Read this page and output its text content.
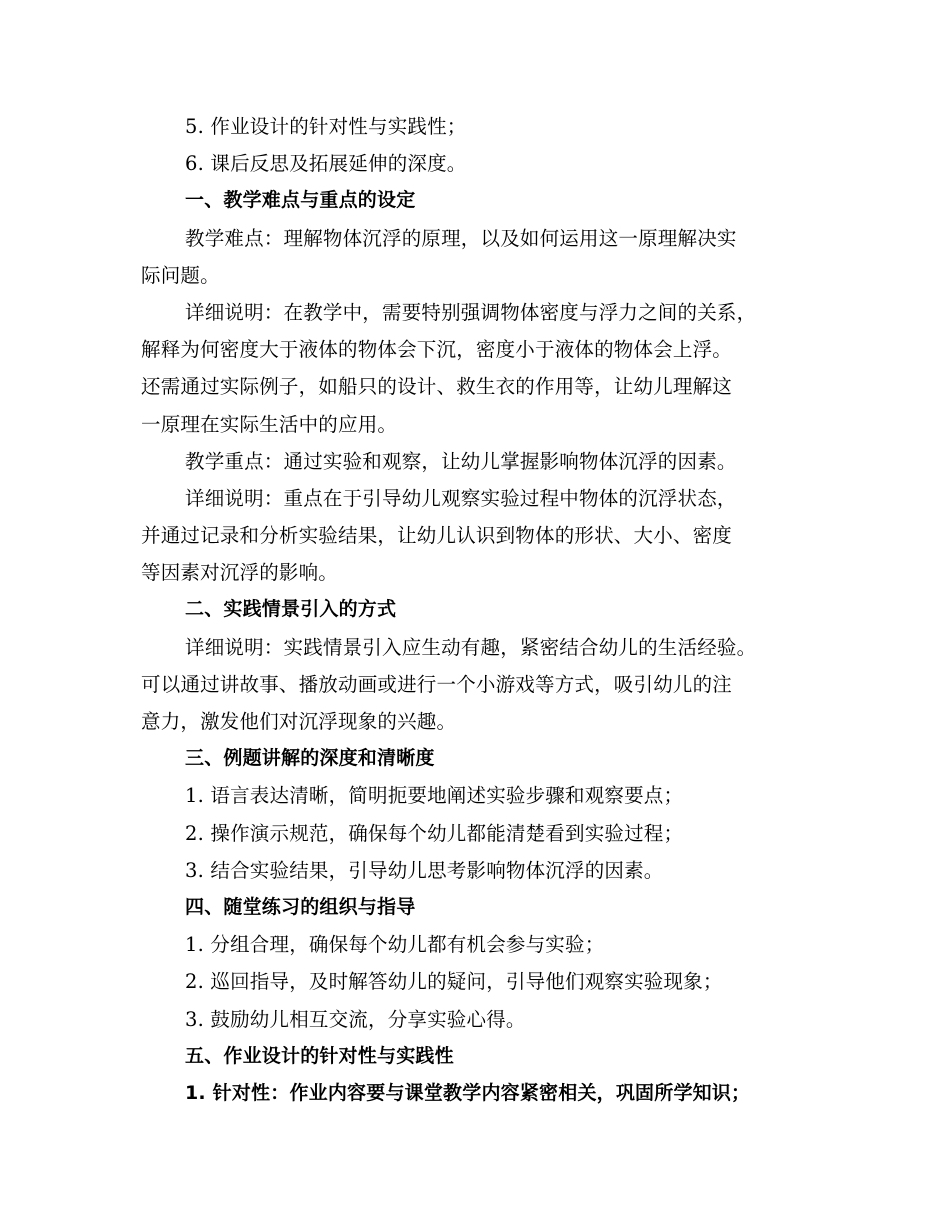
5. 作业设计的针对性与实践性；
6. 课后反思及拓展延伸的深度。
一、教学难点与重点的设定
教学难点：理解物体沉浮的原理，以及如何运用这一原理解决实
际问题。
详细说明：在教学中，需要特别强调物体密度与浮力之间的关系，
解释为何密度大于液体的物体会下沉，密度小于液体的物体会上浮。
还需通过实际例子，如船只的设计、救生衣的作用等，让幼儿理解这
一原理在实际生活中的应用。
教学重点：通过实验和观察，让幼儿掌握影响物体沉浮的因素。
详细说明：重点在于引导幼儿观察实验过程中物体的沉浮状态，
并通过记录和分析实验结果，让幼儿认识到物体的形状、大小、密度
等因素对沉浮的影响。
二、实践情景引入的方式
详细说明：实践情景引入应生动有趣，紧密结合幼儿的生活经验。
可以通过讲故事、播放动画或进行一个小游戏等方式，吸引幼儿的注
意力，激发他们对沉浮现象的兴趣。
三、例题讲解的深度和清晰度
1. 语言表达清晰，简明扼要地阐述实验步骤和观察要点；
2. 操作演示规范，确保每个幼儿都能清楚看到实验过程；
3. 结合实验结果，引导幼儿思考影响物体沉浮的因素。
四、随堂练习的组织与指导
1. 分组合理，确保每个幼儿都有机会参与实验；
2. 巡回指导，及时解答幼儿的疑问，引导他们观察实验现象；
3. 鼓励幼儿相互交流，分享实验心得。
五、作业设计的针对性与实践性
1. 针对性：作业内容要与课堂教学内容紧密相关，巩固所学知识；
